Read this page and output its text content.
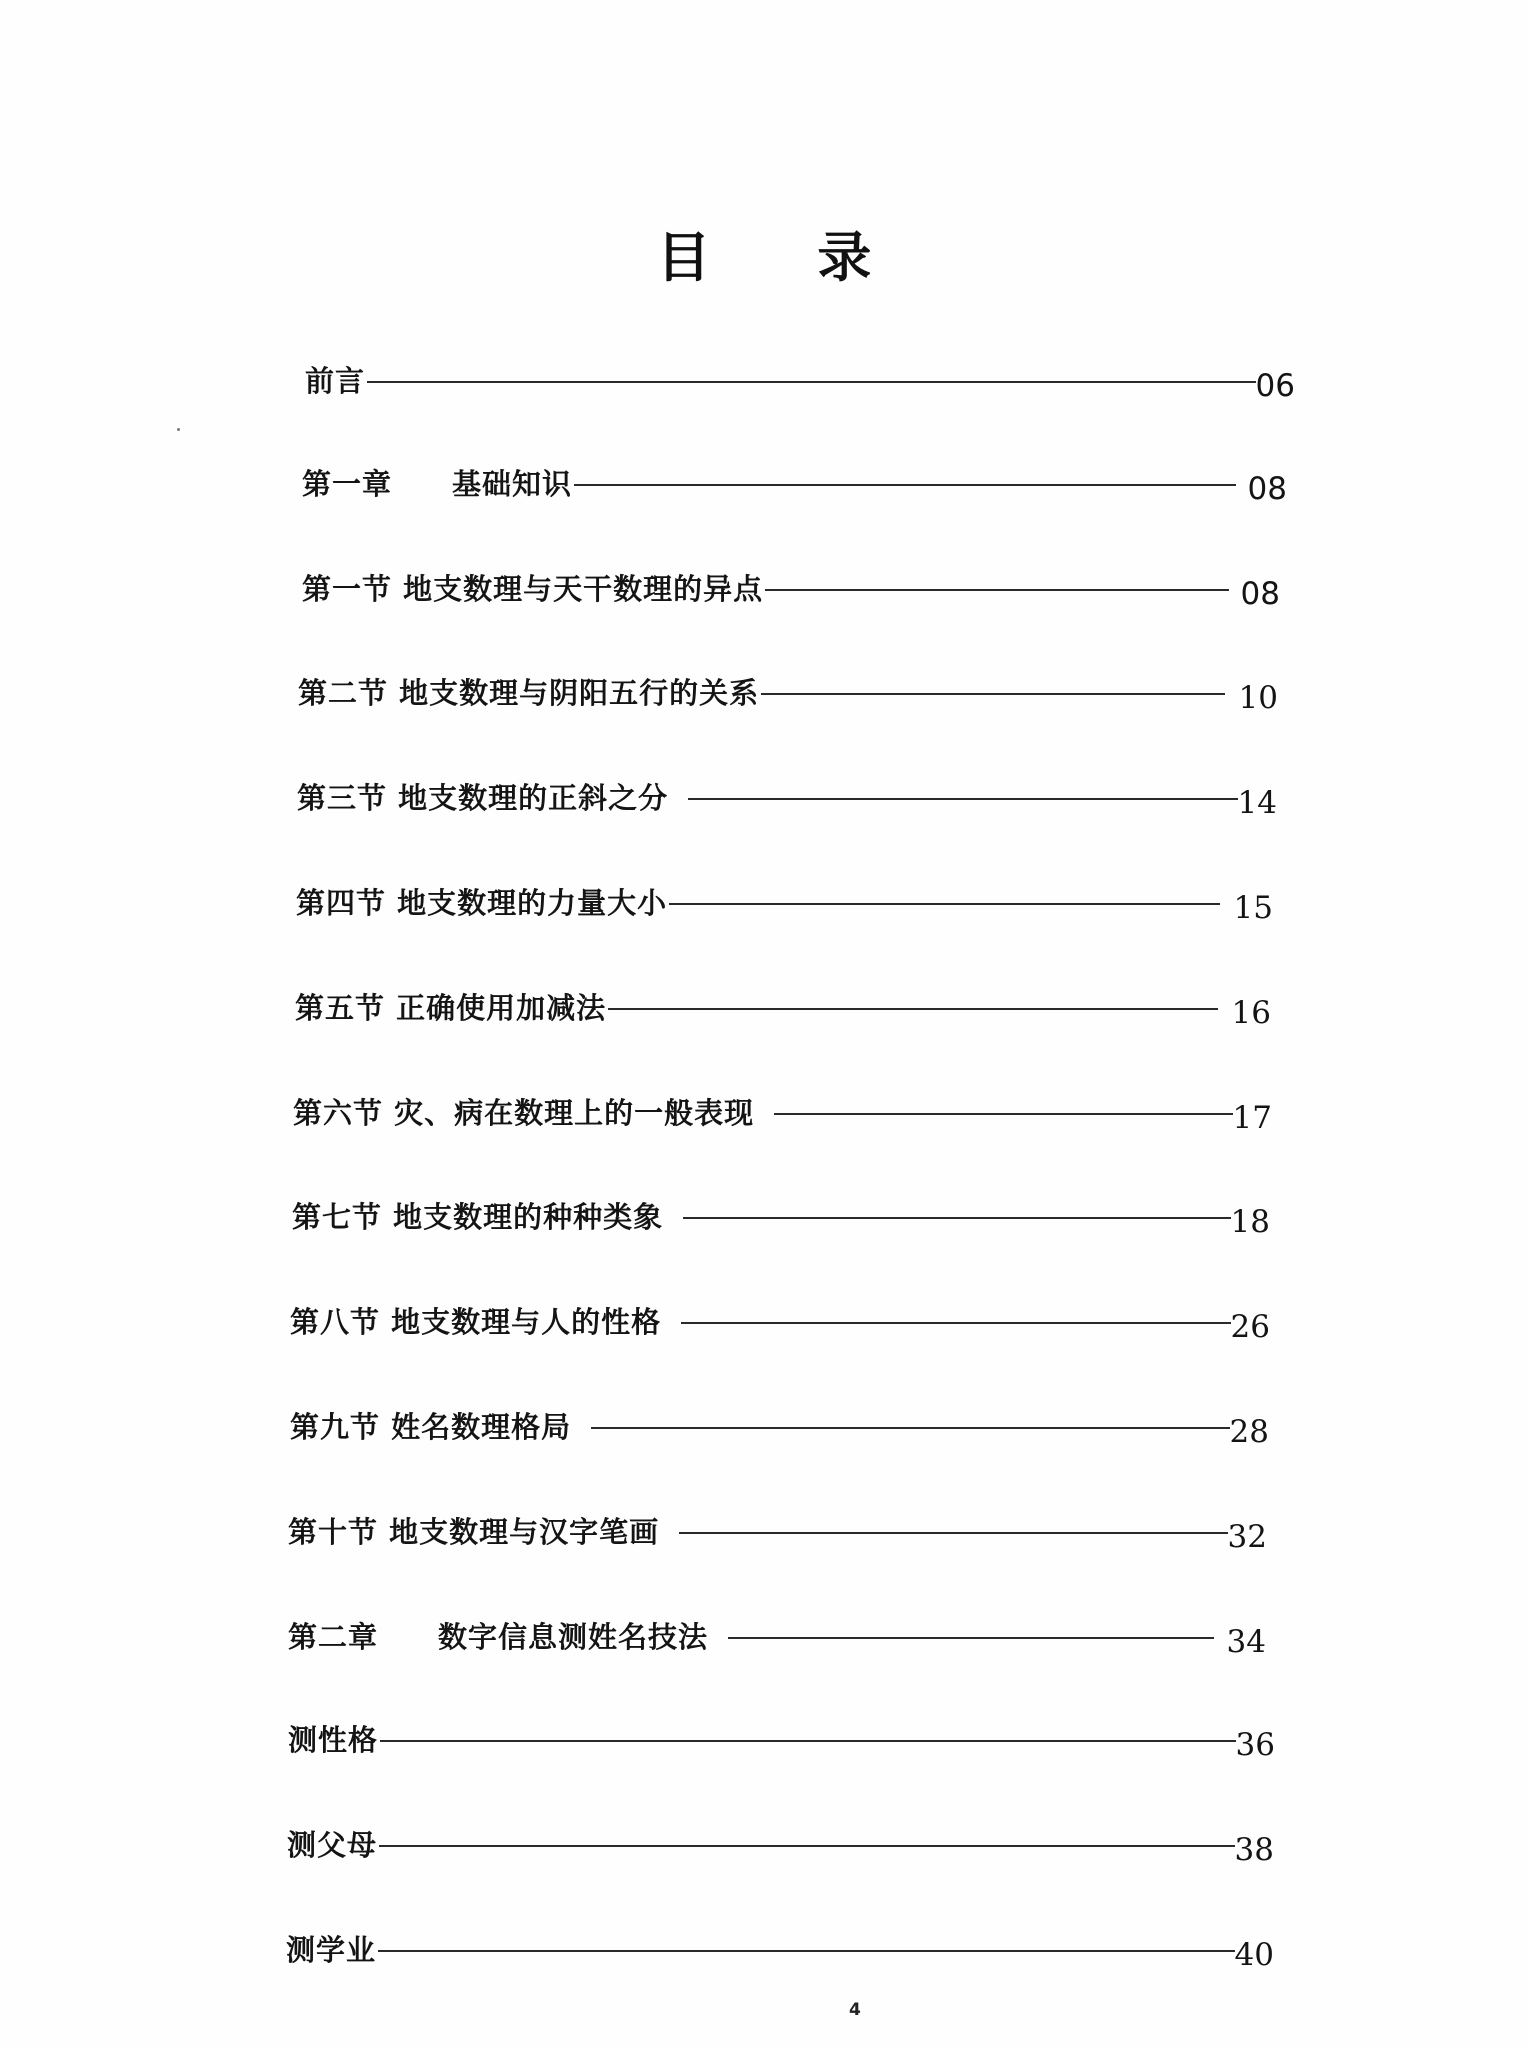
目 录
前言	06
第一章　　基础知识	08
第一节 地支数理与天干数理的异点	08
第二节 地支数理与阴阳五行的关系	10
第三节 地支数理的正斜之分	14
第四节 地支数理的力量大小	15
第五节 正确使用加减法	16
第六节 灾、病在数理上的一般表现	17
第七节 地支数理的种种类象	18
第八节 地支数理与人的性格	26
第九节 姓名数理格局	28
第十节 地支数理与汉字笔画	32
第二章　　数字信息测姓名技法	34
测性格	36
测父母	38
测学业	40
4
